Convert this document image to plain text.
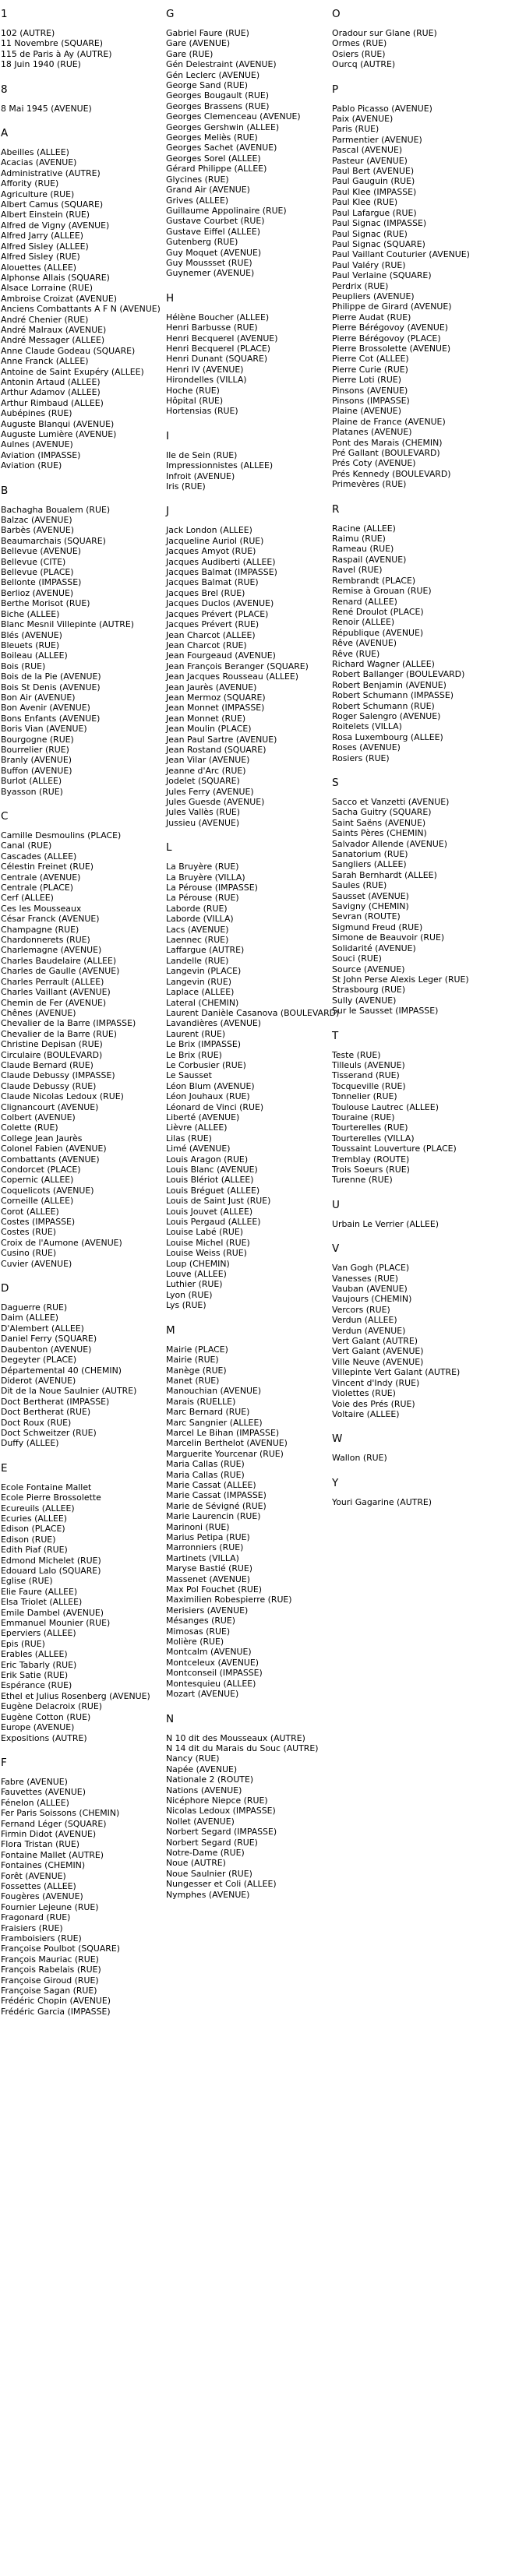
1
102 (AUTRE)
11 Novembre (SQUARE)
115 de Paris à Ay (AUTRE)
18 Juin 1940 (RUE)
8
8 Mai 1945 (AVENUE)
A
Abeilles (ALLEE)
Acacias (AVENUE)
Administrative (AUTRE)
Affority (RUE)
Agriculture (RUE)
Albert Camus (SQUARE)
Albert Einstein (RUE)
Alfred de Vigny (AVENUE)
Alfred Jarry (ALLEE)
Alfred Sisley (ALLEE)
Alfred Sisley (RUE)
Alouettes (ALLEE)
Alphonse Allais (SQUARE)
Alsace Lorraine (RUE)
Ambroise Croizat (AVENUE)
Anciens Combattants A F N (AVENUE)
André Chenier (RUE)
André Malraux (AVENUE)
André Messager (ALLEE)
Anne Claude Godeau (SQUARE)
Anne Franck (ALLEE)
Antoine de Saint Exupéry (ALLEE)
Antonin Artaud (ALLEE)
Arthur Adamov (ALLEE)
Arthur Rimbaud (ALLEE)
Aubépines (RUE)
Auguste Blanqui (AVENUE)
Auguste Lumière (AVENUE)
Aulnes (AVENUE)
Aviation (IMPASSE)
Aviation (RUE)
B
Bachagha Boualem (RUE)
Balzac (AVENUE)
Barbès (AVENUE)
Beaumarchais (SQUARE)
Bellevue (AVENUE)
Bellevue (CITE)
Bellevue (PLACE)
Bellonte (IMPASSE)
Berlioz (AVENUE)
Berthe Morisot (RUE)
Biche (ALLEE)
Blanc Mesnil Villepinte (AUTRE)
Blés (AVENUE)
Bleuets (RUE)
Boileau (ALLEE)
Bois (RUE)
Bois de la Pie (AVENUE)
Bois St Denis (AVENUE)
Bon Air (AVENUE)
Bon Avenir (AVENUE)
Bons Enfants (AVENUE)
Boris Vian (AVENUE)
Bourgogne (RUE)
Bourrelier (RUE)
Branly (AVENUE)
Buffon (AVENUE)
Burlot (ALLEE)
Byasson (RUE)
C
Camille Desmoulins (PLACE)
Canal (RUE)
Cascades (ALLEE)
Célestin Freinet (RUE)
Centrale (AVENUE)
Centrale (PLACE)
Cerf (ALLEE)
Ces les Mousseaux
César Franck (AVENUE)
Champagne (RUE)
Chardonnerets (RUE)
Charlemagne (AVENUE)
Charles Baudelaire (ALLEE)
Charles de Gaulle (AVENUE)
Charles Perrault (ALLEE)
Charles Vaillant (AVENUE)
Chemin de Fer (AVENUE)
Chênes (AVENUE)
Chevalier de la Barre (IMPASSE)
Chevalier de la Barre (RUE)
Christine Depisan (RUE)
Circulaire (BOULEVARD)
Claude Bernard (RUE)
Claude Debussy (IMPASSE)
Claude Debussy (RUE)
Claude Nicolas Ledoux (RUE)
Clignancourt (AVENUE)
Colbert (AVENUE)
Colette (RUE)
College Jean Jaurès
Colonel Fabien (AVENUE)
Combattants (AVENUE)
Condorcet (PLACE)
Copernic (ALLEE)
Coquelicots (AVENUE)
Corneille (ALLEE)
Corot (ALLEE)
Costes (IMPASSE)
Costes (RUE)
Croix de l'Aumone (AVENUE)
Cusino (RUE)
Cuvier (AVENUE)
D
Daguerre (RUE)
Daim (ALLEE)
D'Alembert (ALLEE)
Daniel Ferry (SQUARE)
Daubenton (AVENUE)
Degeyter (PLACE)
Départemental 40 (CHEMIN)
Diderot (AVENUE)
Dit de la Noue Saulnier (AUTRE)
Doct Bertherat (IMPASSE)
Doct Bertherat (RUE)
Doct Roux (RUE)
Doct Schweitzer (RUE)
Duffy (ALLEE)
E
Ecole Fontaine Mallet
Ecole Pierre Brossolette
Ecureuils (ALLEE)
Ecuries (ALLEE)
Edison (PLACE)
Edison (RUE)
Edith Piaf (RUE)
Edmond Michelet (RUE)
Edouard Lalo (SQUARE)
Eglise (RUE)
Elie Faure (ALLEE)
Elsa Triolet (ALLEE)
Emile Dambel (AVENUE)
Emmanuel Mounier (RUE)
Eperviers (ALLEE)
Epis (RUE)
Erables (ALLEE)
Eric Tabarly (RUE)
Erik Satie (RUE)
Espérance (RUE)
Ethel et Julius Rosenberg (AVENUE)
Eugène Delacroix (RUE)
Eugène Cotton (RUE)
Europe (AVENUE)
Expositions (AUTRE)
F
Fabre (AVENUE)
Fauvettes (AVENUE)
Fénelon (ALLEE)
Fer Paris Soissons (CHEMIN)
Fernand Léger (SQUARE)
Firmin Didot (AVENUE)
Flora Tristan (RUE)
Fontaine Mallet (AUTRE)
Fontaines (CHEMIN)
Forêt (AVENUE)
Fossettes (ALLEE)
Fougères (AVENUE)
Fournier Lejeune (RUE)
Fragonard (RUE)
Fraisiers (RUE)
Framboisiers (RUE)
Françoise Poulbot (SQUARE)
François Mauriac (RUE)
François Rabelais (RUE)
Françoise Giroud (RUE)
Françoise Sagan (RUE)
Frédéric Chopin (AVENUE)
Frédéric Garcia (IMPASSE)
G
Gabriel Faure (RUE)
Gare (AVENUE)
Gare (RUE)
Gén Delestraint (AVENUE)
Gén Leclerc (AVENUE)
George Sand (RUE)
Georges Bougault (RUE)
Georges Brassens (RUE)
Georges Clemenceau (AVENUE)
Georges Gershwin (ALLEE)
Georges Meliès (RUE)
Georges Sachet (AVENUE)
Georges Sorel (ALLEE)
Gérard Philippe (ALLEE)
Glycines (RUE)
Grand Air (AVENUE)
Grives (ALLEE)
Guillaume Appolinaire (RUE)
Gustave Courbet (RUE)
Gustave Eiffel (ALLEE)
Gutenberg (RUE)
Guy Moquet (AVENUE)
Guy Moussset (RUE)
Guynemer (AVENUE)
H
Hélène Boucher (ALLEE)
Henri Barbusse (RUE)
Henri Becquerel (AVENUE)
Henri Becquerel (PLACE)
Henri Dunant (SQUARE)
Henri IV (AVENUE)
Hirondelles (VILLA)
Hoche (RUE)
Hôpital (RUE)
Hortensias (RUE)
I
Ile de Sein (RUE)
Impressionnistes (ALLEE)
Infroit (AVENUE)
Iris (RUE)
J
Jack London (ALLEE)
Jacqueline Auriol (RUE)
Jacques Amyot (RUE)
Jacques Audiberti (ALLEE)
Jacques Balmat (IMPASSE)
Jacques Balmat (RUE)
Jacques Brel (RUE)
Jacques Duclos (AVENUE)
Jacques Prévert (PLACE)
Jacques Prévert (RUE)
Jean Charcot (ALLEE)
Jean Charcot (RUE)
Jean Fourgeaud (AVENUE)
Jean François Beranger (SQUARE)
Jean Jacques Rousseau (ALLEE)
Jean Jaurès (AVENUE)
Jean Mermoz (SQUARE)
Jean Monnet (IMPASSE)
Jean Monnet (RUE)
Jean Moulin (PLACE)
Jean Paul Sartre (AVENUE)
Jean Rostand (SQUARE)
Jean Vilar (AVENUE)
Jeanne d'Arc (RUE)
Jodelet (SQUARE)
Jules Ferry (AVENUE)
Jules Guesde (AVENUE)
Jules Vallès (RUE)
Jussieu (AVENUE)
L
La Bruyère (RUE)
La Bruyère (VILLA)
La Pérouse (IMPASSE)
La Pérouse (RUE)
Laborde (RUE)
Laborde (VILLA)
Lacs (AVENUE)
Laennec (RUE)
Laffargue (AUTRE)
Landelle (RUE)
Langevin (PLACE)
Langevin (RUE)
Laplace (ALLEE)
Lateral (CHEMIN)
Laurent Danièle Casanova (BOULEVARD)
Lavandières (AVENUE)
Laurent (RUE)
Le Brix (IMPASSE)
Le Brix (RUE)
Le Corbusier (RUE)
Le Sausset
Léon Blum (AVENUE)
Léon Jouhaux (RUE)
Léonard de Vinci (RUE)
Liberté (AVENUE)
Lièvre (ALLEE)
Lilas (RUE)
Limé (AVENUE)
Louis Aragon (RUE)
Louis Blanc (AVENUE)
Louis Blériot (ALLEE)
Louis Bréguet (ALLEE)
Louis de Saint Just (RUE)
Louis Jouvet (ALLEE)
Louis Pergaud (ALLEE)
Louise Labé (RUE)
Louise Michel (RUE)
Louise Weiss (RUE)
Loup (CHEMIN)
Louve (ALLEE)
Luthier (RUE)
Lyon (RUE)
Lys (RUE)
M
Mairie (PLACE)
Mairie (RUE)
Manège (RUE)
Manet (RUE)
Manouchian (AVENUE)
Marais (RUELLE)
Marc Bernard (RUE)
Marc Sangnier (ALLEE)
Marcel Le Bihan (IMPASSE)
Marcelin Berthelot (AVENUE)
Marguerite Yourcenar (RUE)
Maria Callas (RUE)
Maria Callas (RUE)
Marie Cassat (ALLEE)
Marie Cassat (IMPASSE)
Marie de Sévigné (RUE)
Marie Laurencin (RUE)
Marinoni (RUE)
Marius Petipa (RUE)
Marronniers (RUE)
Martinets (VILLA)
Maryse Bastié (RUE)
Massenet (AVENUE)
Max Pol Fouchet (RUE)
Maximilien Robespierre (RUE)
Merisiers (AVENUE)
Mésanges (RUE)
Mimosas (RUE)
Molière (RUE)
Montcalm (AVENUE)
Montceleux (AVENUE)
Montconseil (IMPASSE)
Montesquieu (ALLEE)
Mozart (AVENUE)
N
N 10 dit des Mousseaux (AUTRE)
N 14 dit du Marais du Souc (AUTRE)
Nancy (RUE)
Napée (AVENUE)
Nationale 2 (ROUTE)
Nations (AVENUE)
Nicéphore Niepce (RUE)
Nicolas Ledoux (IMPASSE)
Nollet (AVENUE)
Norbert Segard (IMPASSE)
Norbert Segard (RUE)
Notre-Dame (RUE)
Noue (AUTRE)
Noue Saulnier (RUE)
Nungesser et Coli (ALLEE)
Nymphes (AVENUE)
O
Oradour sur Glane (RUE)
Ormes (RUE)
Osiers (RUE)
Ourcq (AUTRE)
P
Pablo Picasso (AVENUE)
Paix (AVENUE)
Paris (RUE)
Parmentier (AVENUE)
Pascal (AVENUE)
Pasteur (AVENUE)
Paul Bert (AVENUE)
Paul Gauguin (RUE)
Paul Klee (IMPASSE)
Paul Klee (RUE)
Paul Lafargue (RUE)
Paul Signac (IMPASSE)
Paul Signac (RUE)
Paul Signac (SQUARE)
Paul Vaillant Couturier (AVENUE)
Paul Valéry (RUE)
Paul Verlaine (SQUARE)
Perdrix (RUE)
Peupliers (AVENUE)
Philippe de Girard (AVENUE)
Pierre Audat (RUE)
Pierre Bérégovoy (AVENUE)
Pierre Bérégovoy (PLACE)
Pierre Brossolette (AVENUE)
Pierre Cot (ALLEE)
Pierre Curie (RUE)
Pierre Loti (RUE)
Pinsons (AVENUE)
Pinsons (IMPASSE)
Plaine (AVENUE)
Plaine de France (AVENUE)
Platanes (AVENUE)
Pont des Marais (CHEMIN)
Pré Gallant (BOULEVARD)
Prés Coty (AVENUE)
Prés Kennedy (BOULEVARD)
Primevères (RUE)
R
Racine (ALLEE)
Raimu (RUE)
Rameau (RUE)
Raspail (AVENUE)
Ravel (RUE)
Rembrandt (PLACE)
Remise à Grouan (RUE)
Renard (ALLEE)
René Droulot (PLACE)
Renoir (ALLEE)
République (AVENUE)
Rêve (AVENUE)
Rêve (RUE)
Richard Wagner (ALLEE)
Robert Ballanger (BOULEVARD)
Robert Benjamin (AVENUE)
Robert Schumann (IMPASSE)
Robert Schumann (RUE)
Roger Salengro (AVENUE)
Roitelets (VILLA)
Rosa Luxembourg (ALLEE)
Roses (AVENUE)
Rosiers (RUE)
S
Sacco et Vanzetti (AVENUE)
Sacha Guitry (SQUARE)
Saint Saëns (AVENUE)
Saints Pères (CHEMIN)
Salvador Allende (AVENUE)
Sanatorium (RUE)
Sangliers (ALLEE)
Sarah Bernhardt (ALLEE)
Saules (RUE)
Sausset (AVENUE)
Savigny (CHEMIN)
Sevran (ROUTE)
Sigmund Freud (RUE)
Simone de Beauvoir (RUE)
Solidarité (AVENUE)
Souci (RUE)
Source (AVENUE)
St John Perse Alexis Leger (RUE)
Strasbourg (RUE)
Sully (AVENUE)
Sur le Sausset (IMPASSE)
T
Teste (RUE)
Tilleuls (AVENUE)
Tisserand (RUE)
Tocqueville (RUE)
Tonnelier (RUE)
Toulouse Lautrec (ALLEE)
Touraine (RUE)
Tourterelles (RUE)
Tourterelles (VILLA)
Toussaint Louverture (PLACE)
Tremblay (ROUTE)
Trois Soeurs (RUE)
Turenne (RUE)
U
Urbain Le Verrier (ALLEE)
V
Van Gogh (PLACE)
Vanesses (RUE)
Vauban (AVENUE)
Vaujours (CHEMIN)
Vercors (RUE)
Verdun (ALLEE)
Verdun (AVENUE)
Vert Galant (AUTRE)
Vert Galant (AVENUE)
Ville Neuve (AVENUE)
Villepinte Vert Galant (AUTRE)
Vincent d'Indy (RUE)
Violettes (RUE)
Voie des Prés (RUE)
Voltaire (ALLEE)
W
Wallon (RUE)
Y
Youri Gagarine (AUTRE)
